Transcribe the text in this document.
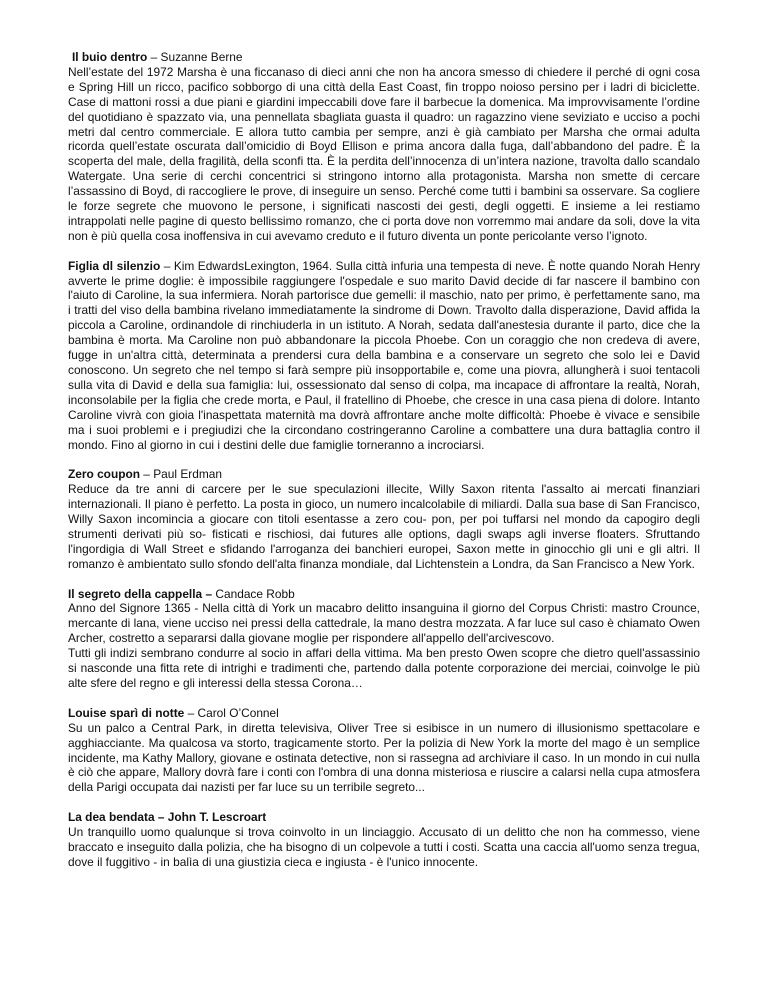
Il buio dentro – Suzanne Berne
Nell’estate del 1972 Marsha è una ficcanaso di dieci anni che non ha ancora smesso di chiedere il perché di ogni cosa e Spring Hill un ricco, pacifico sobborgo di una città della East Coast, fin troppo noioso persino per i ladri di biciclette. Case di mattoni rossi a due piani e giardini impeccabili dove fare il barbecue la domenica. Ma improvvisamente l’ordine del quotidiano è spazzato via, una pennellata sbagliata guasta il quadro: un ragazzino viene seviziato e ucciso a pochi metri dal centro commerciale. E allora tutto cambia per sempre, anzi è già cambiato per Marsha che ormai adulta ricorda quell’estate oscurata dall’omicidio di Boyd Ellison e prima ancora dalla fuga, dall’abbandono del padre. È la scoperta del male, della fragilità, della sconfi tta. È la perdita dell’innocenza di un’intera nazione, travolta dallo scandalo Watergate. Una serie di cerchi concentrici si stringono intorno alla protagonista. Marsha non smette di cercare l’assassino di Boyd, di raccogliere le prove, di inseguire un senso. Perché come tutti i bambini sa osservare. Sa cogliere le forze segrete che muovono le persone, i significati nascosti dei gesti, degli oggetti. E insieme a lei restiamo intrappolati nelle pagine di questo bellissimo romanzo, che ci porta dove non vorremmo mai andare da soli, dove la vita non è più quella cosa inoffensiva in cui avevamo creduto e il futuro diventa un ponte pericolante verso l’ignoto.
Figlia dl silenzio – Kim EdwardsLexington, 1964. Sulla città infuria una tempesta di neve. È notte quando Norah Henry avverte le prime doglie: è impossibile raggiungere l'ospedale e suo marito David decide di far nascere il bambino con l'aiuto di Caroline, la sua infermiera. Norah partorisce due gemelli: il maschio, nato per primo, è perfettamente sano, ma i tratti del viso della bambina rivelano immediatamente la sindrome di Down. Travolto dalla disperazione, David affida la piccola a Caroline, ordinandole di rinchiuderla in un istituto. A Norah, sedata dall'anestesia durante il parto, dice che la bambina è morta. Ma Caroline non può abbandonare la piccola Phoebe. Con un coraggio che non credeva di avere, fugge in un'altra città, determinata a prendersi cura della bambina e a conservare un segreto che solo lei e David conoscono. Un segreto che nel tempo si farà sempre più insopportabile e, come una piovra, allungherà i suoi tentacoli sulla vita di David e della sua famiglia: lui, ossessionato dal senso di colpa, ma incapace di affrontare la realtà, Norah, inconsolabile per la figlia che crede morta, e Paul, il fratellino di Phoebe, che cresce in una casa piena di dolore. Intanto Caroline vivrà con gioia l'inaspettata maternità ma dovrà affrontare anche molte difficoltà: Phoebe è vivace e sensibile ma i suoi problemi e i pregiudizi che la circondano costringeranno Caroline a combattere una dura battaglia contro il mondo. Fino al giorno in cui i destini delle due famiglie torneranno a incrociarsi.
Zero coupon – Paul Erdman
Reduce da tre anni di carcere per le sue speculazioni illecite, Willy Saxon ritenta l'assalto ai mercati finanziari internazionali. Il piano è perfetto. La posta in gioco, un numero incalcolabile di miliardi. Dalla sua base di San Francisco, Willy Saxon incomincia a giocare con titoli esentasse a zero cou- pon, per poi tuffarsi nel mondo da capogiro degli strumenti derivati più so- fisticati e rischiosi, dai futures alle options, dagli swaps agli inverse floaters. Sfruttando l'ingordigia di Wall Street e sfidando l'arroganza dei banchieri europei, Saxon mette in ginocchio gli uni e gli altri. Il romanzo è ambientato sullo sfondo dell'alta finanza mondiale, dal Lichtenstein a Londra, da San Francisco a New York.
Il segreto della cappella – Candace Robb
Anno del Signore 1365 - Nella città di York un macabro delitto insanguina il giorno del Corpus Christi: mastro Crounce, mercante di lana, viene ucciso nei pressi della cattedrale, la mano destra mozzata. A far luce sul caso è chiamato Owen Archer, costretto a separarsi dalla giovane moglie per rispondere all'appello dell'arcivescovo.
Tutti gli indizi sembrano condurre al socio in affari della vittima. Ma ben presto Owen scopre che dietro quell'assassinio si nasconde una fitta rete di intrighi e tradimenti che, partendo dalla potente corporazione dei merciai, coinvolge le più alte sfere del regno e gli interessi della stessa Corona…
Louise sparì di notte – Carol O’Connel
Su un palco a Central Park, in diretta televisiva, Oliver Tree si esibisce in un numero di illusionismo spettacolare e agghiacciante. Ma qualcosa va storto, tragicamente storto. Per la polizia di New York la morte del mago è un semplice incidente, ma Kathy Mallory, giovane e ostinata detective, non si rassegna ad archiviare il caso. In un mondo in cui nulla è ciò che appare, Mallory dovrà fare i conti con l'ombra di una donna misteriosa e riuscire a calarsi nella cupa atmosfera della Parigi occupata dai nazisti per far luce su un terribile segreto...
La dea bendata – John T. Lescroart
Un tranquillo uomo qualunque si trova coinvolto in un linciaggio. Accusato di un delitto che non ha commesso, viene braccato e inseguito dalla polizia, che ha bisogno di un colpevole a tutti i costi. Scatta una caccia all'uomo senza tregua, dove il fuggitivo - in balìa di una giustizia cieca e ingiusta - è l'unico innocente.
